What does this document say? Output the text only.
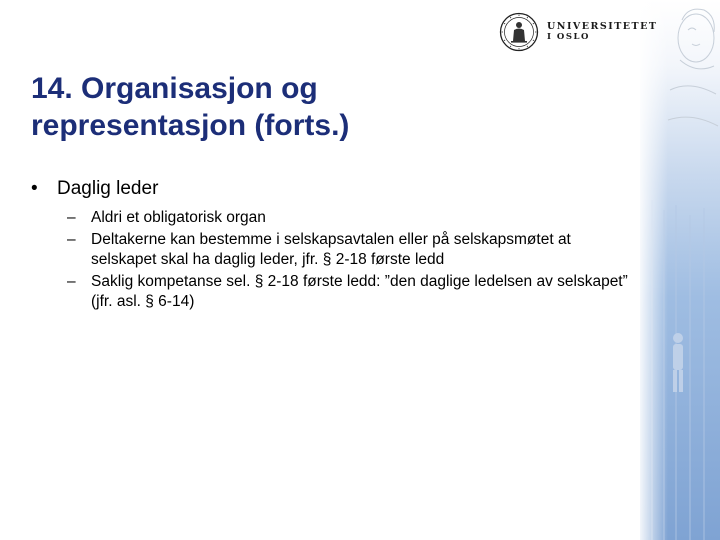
UNIVERSITETET
I OSLO
14. Organisasjon og
representasjon (forts.)
• Daglig leder
– Aldri et obligatorisk organ
– Deltakerne kan bestemme i selskapsavtalen eller på selskapsmøtet at selskapet skal ha daglig leder, jfr. § 2-18 første ledd
– Saklig kompetanse sel. § 2-18 første ledd: ”den daglige ledelsen av selskapet” (jfr. asl. § 6-14)
